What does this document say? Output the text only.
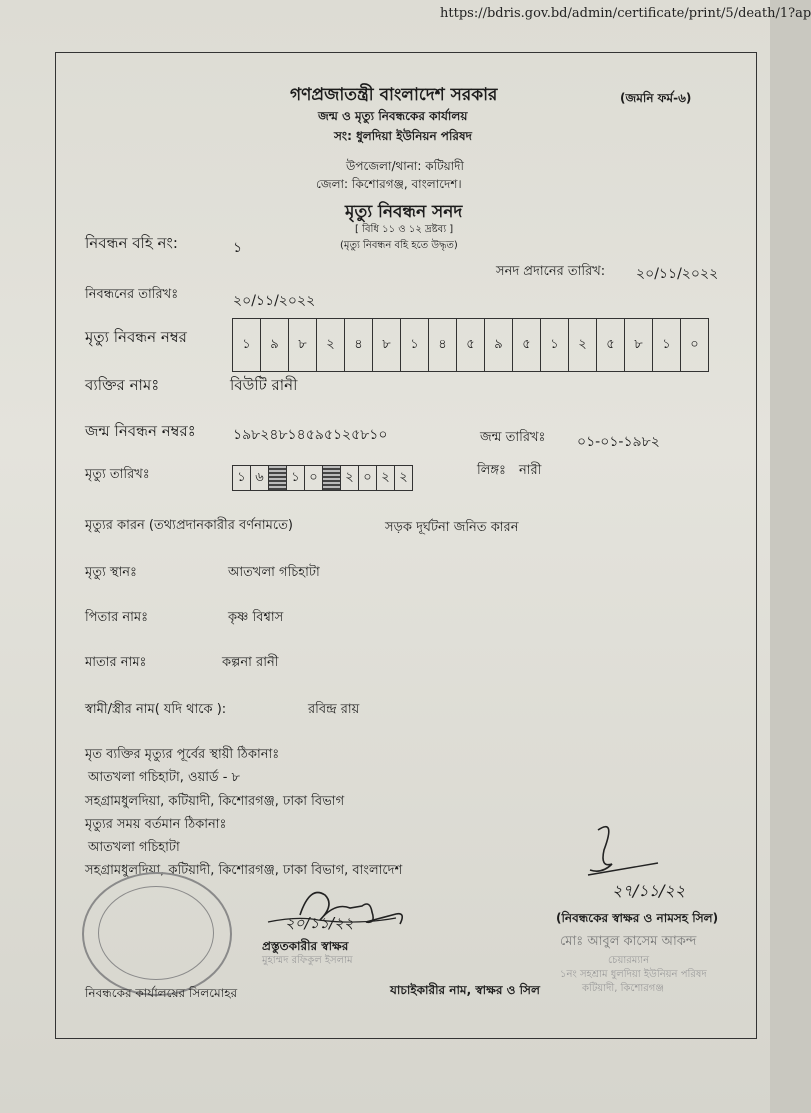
https://bdris.gov.bd/admin/certificate/print/5/death/1?ap
গণপ্রজাতন্ত্রী বাংলাদেশ সরকার	(জমনি ফর্ম-৬)
জন্ম ও মৃত্যু নিবন্ধকের কার্যালয়
সং: ধুলদিয়া ইউনিয়ন পরিষদ
উপজেলা/থানা: কটিয়াদী
জেলা: কিশোরগঞ্জ, বাংলাদেশ।
মৃত্যু নিবন্ধন সনদ
[ বিধি ১১ ও ১২ দ্রষ্টব্য ]
(মৃত্যু নিবন্ধন বহি হতে উদ্ধৃত)
নিবন্ধন বহি নং:	১
সনদ প্রদানের তারিখ: ২০/১১/২০২২
নিবন্ধনের তারিখঃ	২০/১১/২০২২
মৃত্যু নিবন্ধন নম্বর	১	৯	৮	২	৪	৮	১	৪	৫	৯	৫	১	২	৫	৮	১	০
ব্যক্তির নামঃ	বিউটি রানী
জন্ম নিবন্ধন নম্বরঃ	১৯৮২৪৮১৪৫৯৫১২৫৮১০	জন্ম তারিখঃ ০১-০১-১৯৮২
মৃত্যু তারিখঃ	১ ৬	১ ০	২ ০ ২ ২	লিঙ্গঃ নারী
মৃত্যুর কারন (তথ্যপ্রদানকারীর বর্ণনামতে)	সড়ক দূর্ঘটনা জনিত কারন
মৃত্যু স্থানঃ	আতখলা গচিহাটা
পিতার নামঃ	কৃষ্ণ বিশ্বাস
মাতার নামঃ	কল্পনা রানী
স্বামী/স্ত্রীর নাম( যদি থাকে ):	রবিন্দ্র রায়
মৃত ব্যক্তির মৃত্যুর পূর্বের স্থায়ী ঠিকানাঃ
আতখলা গচিহাটা, ওয়ার্ড - ৮
সহগ্রামধুলদিয়া, কটিয়াদী, কিশোরগঞ্জ, ঢাকা বিভাগ
মৃত্যুর সময় বর্তমান ঠিকানাঃ
আতখলা গচিহাটা
সহগ্রামধুলদিয়া, কটিয়াদী, কিশোরগঞ্জ, ঢাকা বিভাগ, বাংলাদেশ
২৭/১১/২২
২০/১১/২২
প্রস্তুতকারীর স্বাক্ষর
মুহাম্মদ রফিকুল ইসলাম
নিবন্ধকের কার্যালয়ের সিলমোহর	যাচাইকারীর নাম, স্বাক্ষর ও সিল
(নিবন্ধকের স্বাক্ষর ও নামসহ সিল)
মোঃ আবুল কাসেম আকন্দ
চেয়ারম্যান
১নং সহশ্রাম ধুলদিয়া ইউনিয়ন পরিষদ
কটিয়াদী, কিশোরগঞ্জ
